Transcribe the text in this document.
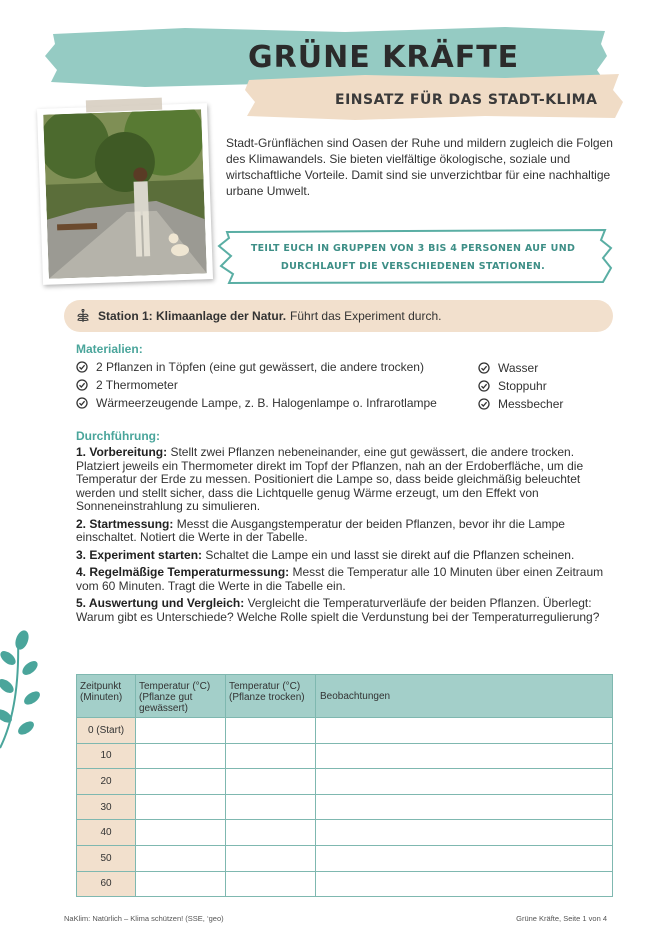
GRÜNE KRÄFTE
EINSATZ FÜR DAS STADT-KLIMA
Stadt-Grünflächen sind Oasen der Ruhe und mildern zugleich die Folgen des Klimawandels. Sie bieten vielfältige ökologische, soziale und wirtschaftliche Vorteile. Damit sind sie unverzichtbar für eine nachhaltige urbane Umwelt.
TEILT EUCH IN GRUPPEN VON 3 BIS 4 PERSONEN AUF UND DURCHLAUFT DIE VERSCHIEDENEN STATIONEN.
Station 1: Klimaanlage der Natur. Führt das Experiment durch.
Materialien:
2 Pflanzen in Töpfen (eine gut gewässert, die andere trocken)
2 Thermometer
Wärmeerzeugende Lampe, z. B. Halogenlampe o. Infrarotlampe
Wasser
Stoppuhr
Messbecher
Durchführung:

1. Vorbereitung: Stellt zwei Pflanzen nebeneinander, eine gut gewässert, die andere trocken. Platziert jeweils ein Thermometer direkt im Topf der Pflanzen, nah an der Erdoberfläche, um die Temperatur der Erde zu messen. Positioniert die Lampe so, dass beide gleichmäßig beleuchtet werden und stellt sicher, dass die Lichtquelle genug Wärme erzeugt, um den Effekt von Sonneneinstrahlung zu simulieren.

2. Startmessung: Messt die Ausgangstemperatur der beiden Pflanzen, bevor ihr die Lampe einschaltet. Notiert die Werte in der Tabelle.

3. Experiment starten: Schaltet die Lampe ein und lasst sie direkt auf die Pflanzen scheinen.

4. Regelmäßige Temperaturmessung: Messt die Temperatur alle 10 Minuten über einen Zeitraum vom 60 Minuten. Tragt die Werte in die Tabelle ein.

5. Auswertung und Vergleich: Vergleicht die Temperaturverläufe der beiden Pflanzen. Überlegt: Warum gibt es Unterschiede? Welche Rolle spielt die Verdunstung bei der Temperaturregulierung?

Zeitpunkt (Minuten)	Temperatur (°C) (Pflanze gut gewässert)	Temperatur (°C) (Pflanze trocken)	Beobachtungen
0 (Start)			
10			
20			
30			
40			
50			
60			
NaKlim: Natürlich – Klima schützen! (SSE, ‘geo)	Grüne Kräfte, Seite 1 von 4
